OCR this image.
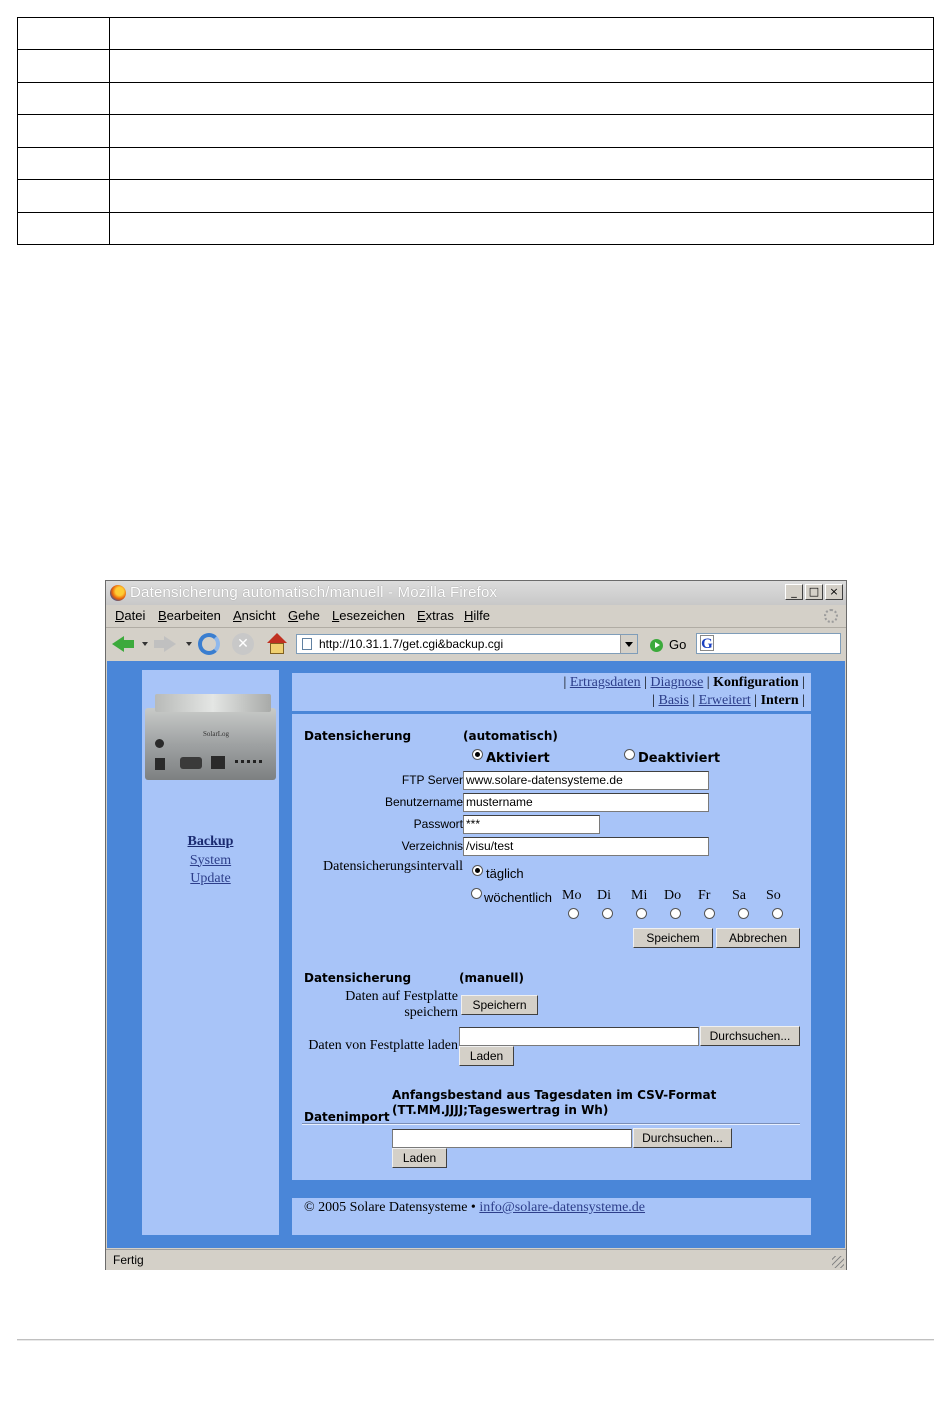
Datensicherung automatisch/manuell - Mozilla Firefox	_	□ ×
Datei Bearbeiten Ansicht Gehe Lesezeichen Extras Hilfe
✕	http://10.31.1.7/get.cgi&backup.cgi	Go G
SolarLog
Backup
System
Update
| Ertragsdaten | Diagnose | Konfiguration |
| Basis | Erweitert | Intern |
Datensicherung	(automatisch)
Aktiviert	Deaktiviert
FTP Server www.solare-datensysteme.de
Benutzername mustername
Passwort ***
Verzeichnis /visu/test
Datensicherungsintervall täglich
wöchentlich Mo Di Mi Do Fr Sa So
Speichem	Abbrechen
Datensicherung	(manuell)
Daten auf Festplatte
speichern	Speichern
Daten von Festplatte laden
Durchsuchen...
Laden
Datenimport
Anfangsbestand aus Tagesdaten im CSV-Format
(TT.MM.JJJJ;Tageswertrag in Wh)
Durchsuchen...
Laden
© 2005 Solare Datensysteme • info@solare-datensysteme.de
Fertig
